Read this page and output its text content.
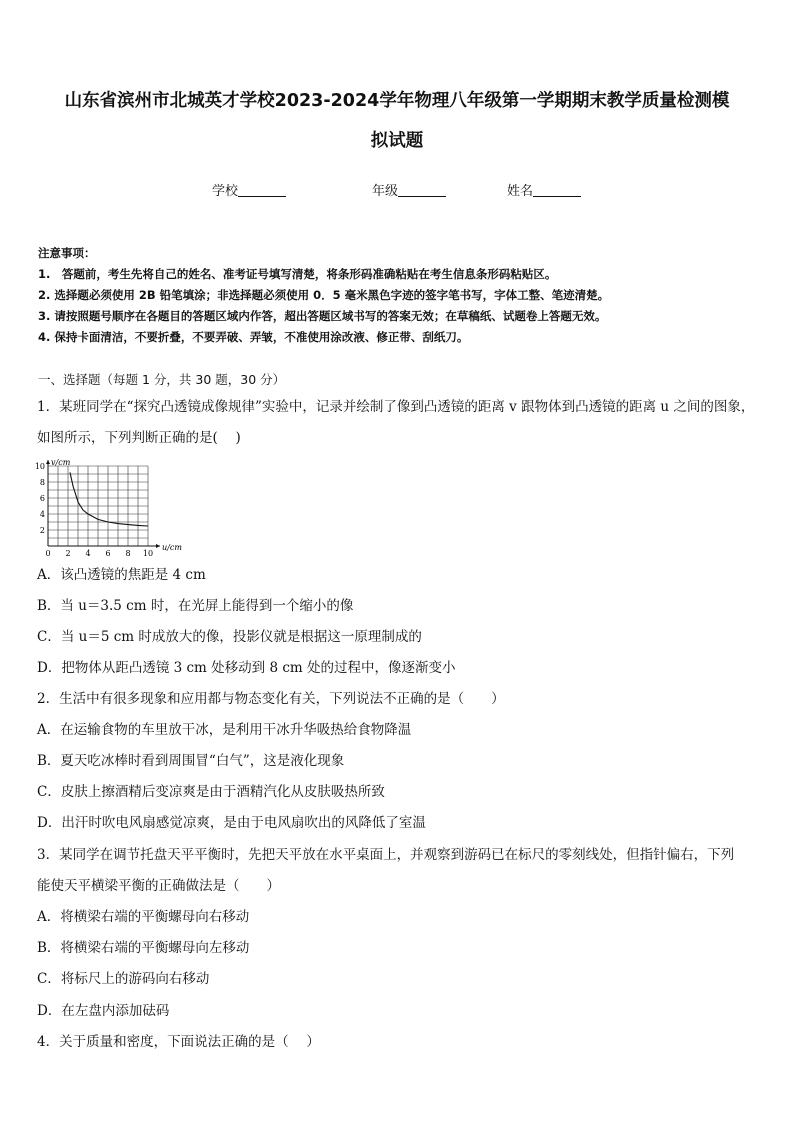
山东省滨州市北城英才学校2023-2024学年物理八年级第一学期期末教学质量检测模
拟试题
学校	年级	姓名
注意事项：
1.　答题前，考生先将自己的姓名、准考证号填写清楚，将条形码准确粘贴在考生信息条形码粘贴区。
2. 选择题必须使用 2B 铅笔填涂；非选择题必须使用 0．5 毫米黑色字迹的签字笔书写，字体工整、笔迹清楚。
3. 请按照题号顺序在各题目的答题区域内作答，超出答题区域书写的答案无效；在草稿纸、试题卷上答题无效。
4. 保持卡面清洁，不要折叠，不要弄破、弄皱，不准使用涂改液、修正带、刮纸刀。
一、选择题（每题 1 分，共 30 题，30 分）
1．某班同学在“探究凸透镜成像规律”实验中，记录并绘制了像到凸透镜的距离 v 跟物体到凸透镜的距离 u 之间的图象，
如图所示，下列判断正确的是(　 )
0 2 4 6 8 10
2
4
6
8
10
u/cm
v/cm
A．该凸透镜的焦距是 4 cm
B．当 u＝3.5 cm 时，在光屏上能得到一个缩小的像
C．当 u＝5 cm 时成放大的像，投影仪就是根据这一原理制成的
D．把物体从距凸透镜 3 cm 处移动到 8 cm 处的过程中，像逐渐变小
2．生活中有很多现象和应用都与物态变化有关，下列说法不正确的是（　　）
A．在运输食物的车里放干冰，是利用干冰升华吸热给食物降温
B．夏天吃冰棒时看到周围冒“白气”，这是液化现象
C．皮肤上擦酒精后变凉爽是由于酒精汽化从皮肤吸热所致
D．出汗时吹电风扇感觉凉爽，是由于电风扇吹出的风降低了室温
3．某同学在调节托盘天平平衡时，先把天平放在水平桌面上，并观察到游码已在标尺的零刻线处，但指针偏右，下列
能使天平横梁平衡的正确做法是（　　）
A．将横梁右端的平衡螺母向右移动
B．将横梁右端的平衡螺母向左移动
C．将标尺上的游码向右移动
D．在左盘内添加砝码
4．关于质量和密度，下面说法正确的是（　 ）
